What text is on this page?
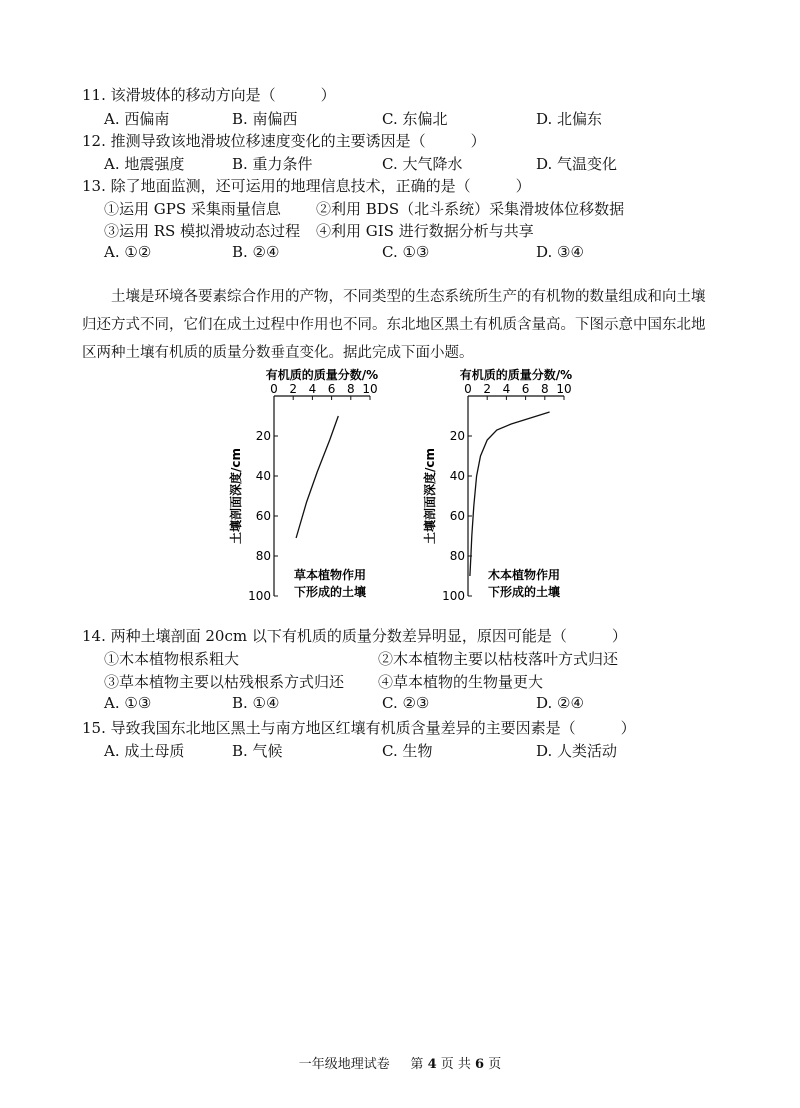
11. 该滑坡体的移动方向是（　　　）
A. 西偏南	B. 南偏西	C. 东偏北	D. 北偏东
12. 推测导致该地滑坡位移速度变化的主要诱因是（　　　）
A. 地震强度	B. 重力条件	C. 大气降水	D. 气温变化
13. 除了地面监测，还可运用的地理信息技术，正确的是（　　　）
①运用 GPS 采集雨量信息 ②利用 BDS（北斗系统）采集滑坡体位移数据
③运用 RS 模拟滑坡动态过程 ④利用 GIS 进行数据分析与共享
A. ①②	B. ②④	C. ①③	D. ③④

土壤是环境各要素综合作用的产物，不同类型的生态系统所生产的有机物的数量组成和向土壤归还方式不同，它们在成土过程中作用也不同。东北地区黑土有机质含量高。下图示意中国东北地区两种土壤有机质的质量分数垂直变化。据此完成下面小题。

有机质的质量分数/%
0 2 4 6 8 10
20
40
60
80
100
土壤剖面深度/cm
草本植物作用
下形成的土壤
有机质的质量分数/%
0 2 4 6 8 10
20
40
60
80
100
土壤剖面深度/cm
木本植物作用
下形成的土壤
14. 两种土壤剖面 20cm 以下有机质的质量分数差异明显，原因可能是（　　　）
①木本植物根系粗大	②木本植物主要以枯枝落叶方式归还
③草本植物主要以枯残根系方式归还 ④草本植物的生物量更大
A. ①③	B. ①④	C. ②③	D. ②④
15. 导致我国东北地区黑土与南方地区红壤有机质含量差异的主要因素是（　　　）
A. 成土母质	B. 气候	C. 生物	D. 人类活动
一年级地理试卷 第 4 页 共 6 页
